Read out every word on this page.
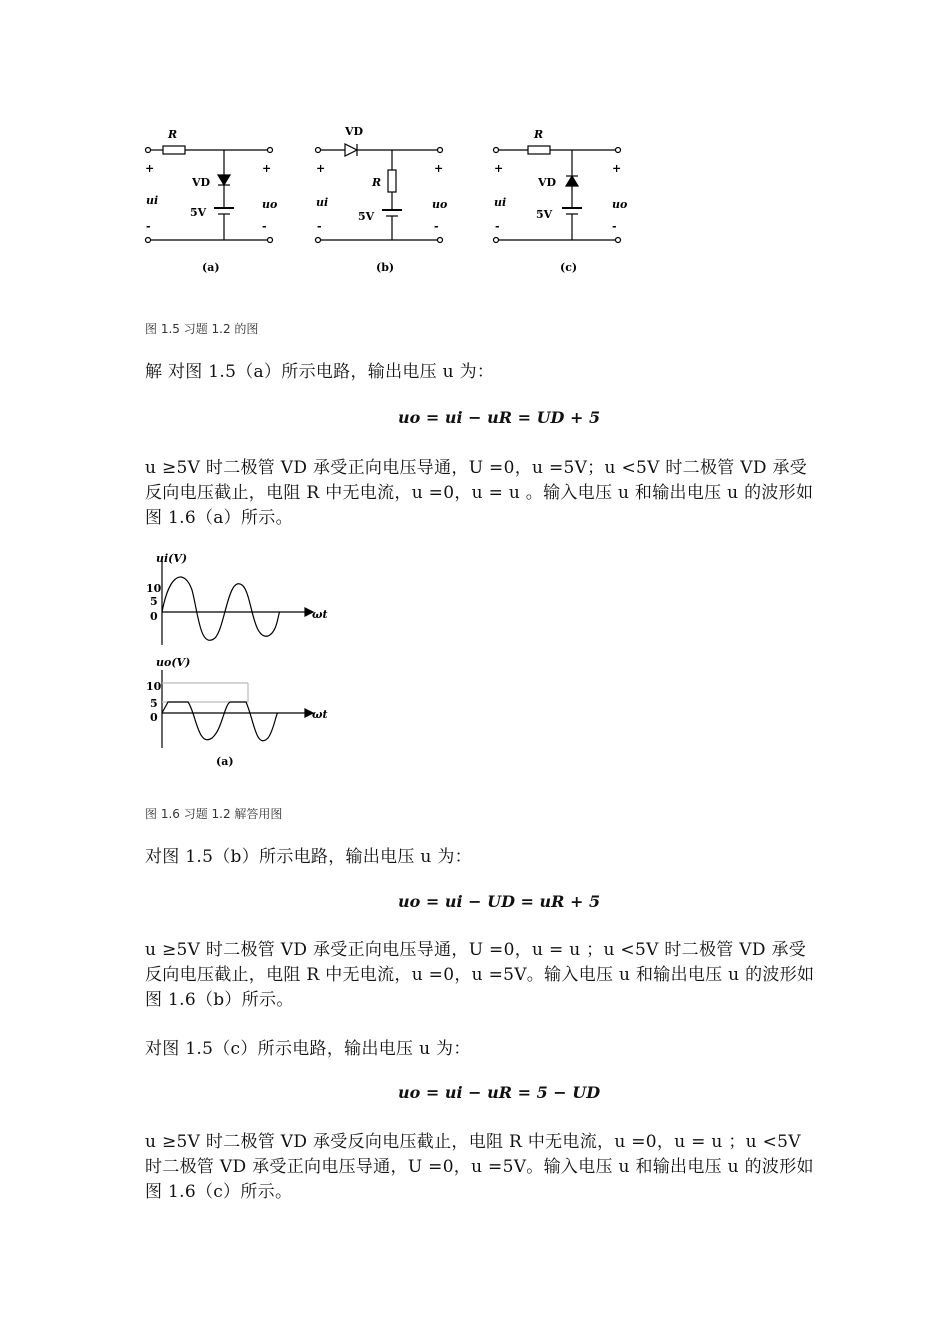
R
VD
5V
+	+
-	-
ui	uo
(a)
VD
R
5V
+	+
-	-
ui	uo
(b)
R
VD
5V
+	+
-	-
ui	uo
(c)
图 1.5 习题 1.2 的图
解 对图 1.5（a）所示电路，输出电压 u 为：
uo = ui − uR = UD + 5
u ≥5V 时二极管 VD 承受正向电压导通，U =0，u =5V；u <5V 时二极管 VD 承受反向电压截止，电阻 R 中无电流，u =0，u = u 。输入电压 u 和输出电压 u 的波形如图 1.6（a）所示。
ui(V)
10
5
0	ωt
uo(V)
10
5
0	ωt
(a)
图 1.6 习题 1.2 解答用图
对图 1.5（b）所示电路，输出电压 u 为：
uo = ui − UD = uR + 5
u ≥5V 时二极管 VD 承受正向电压导通，U =0，u = u ；u <5V 时二极管 VD 承受反向电压截止，电阻 R 中无电流，u =0，u =5V。输入电压 u 和输出电压 u 的波形如图 1.6（b）所示。
对图 1.5（c）所示电路，输出电压 u 为：
uo = ui − uR = 5 − UD
u ≥5V 时二极管 VD 承受反向电压截止，电阻 R 中无电流，u =0，u = u ；u <5V 时二极管 VD 承受正向电压导通，U =0，u =5V。输入电压 u 和输出电压 u 的波形如图 1.6（c）所示。
